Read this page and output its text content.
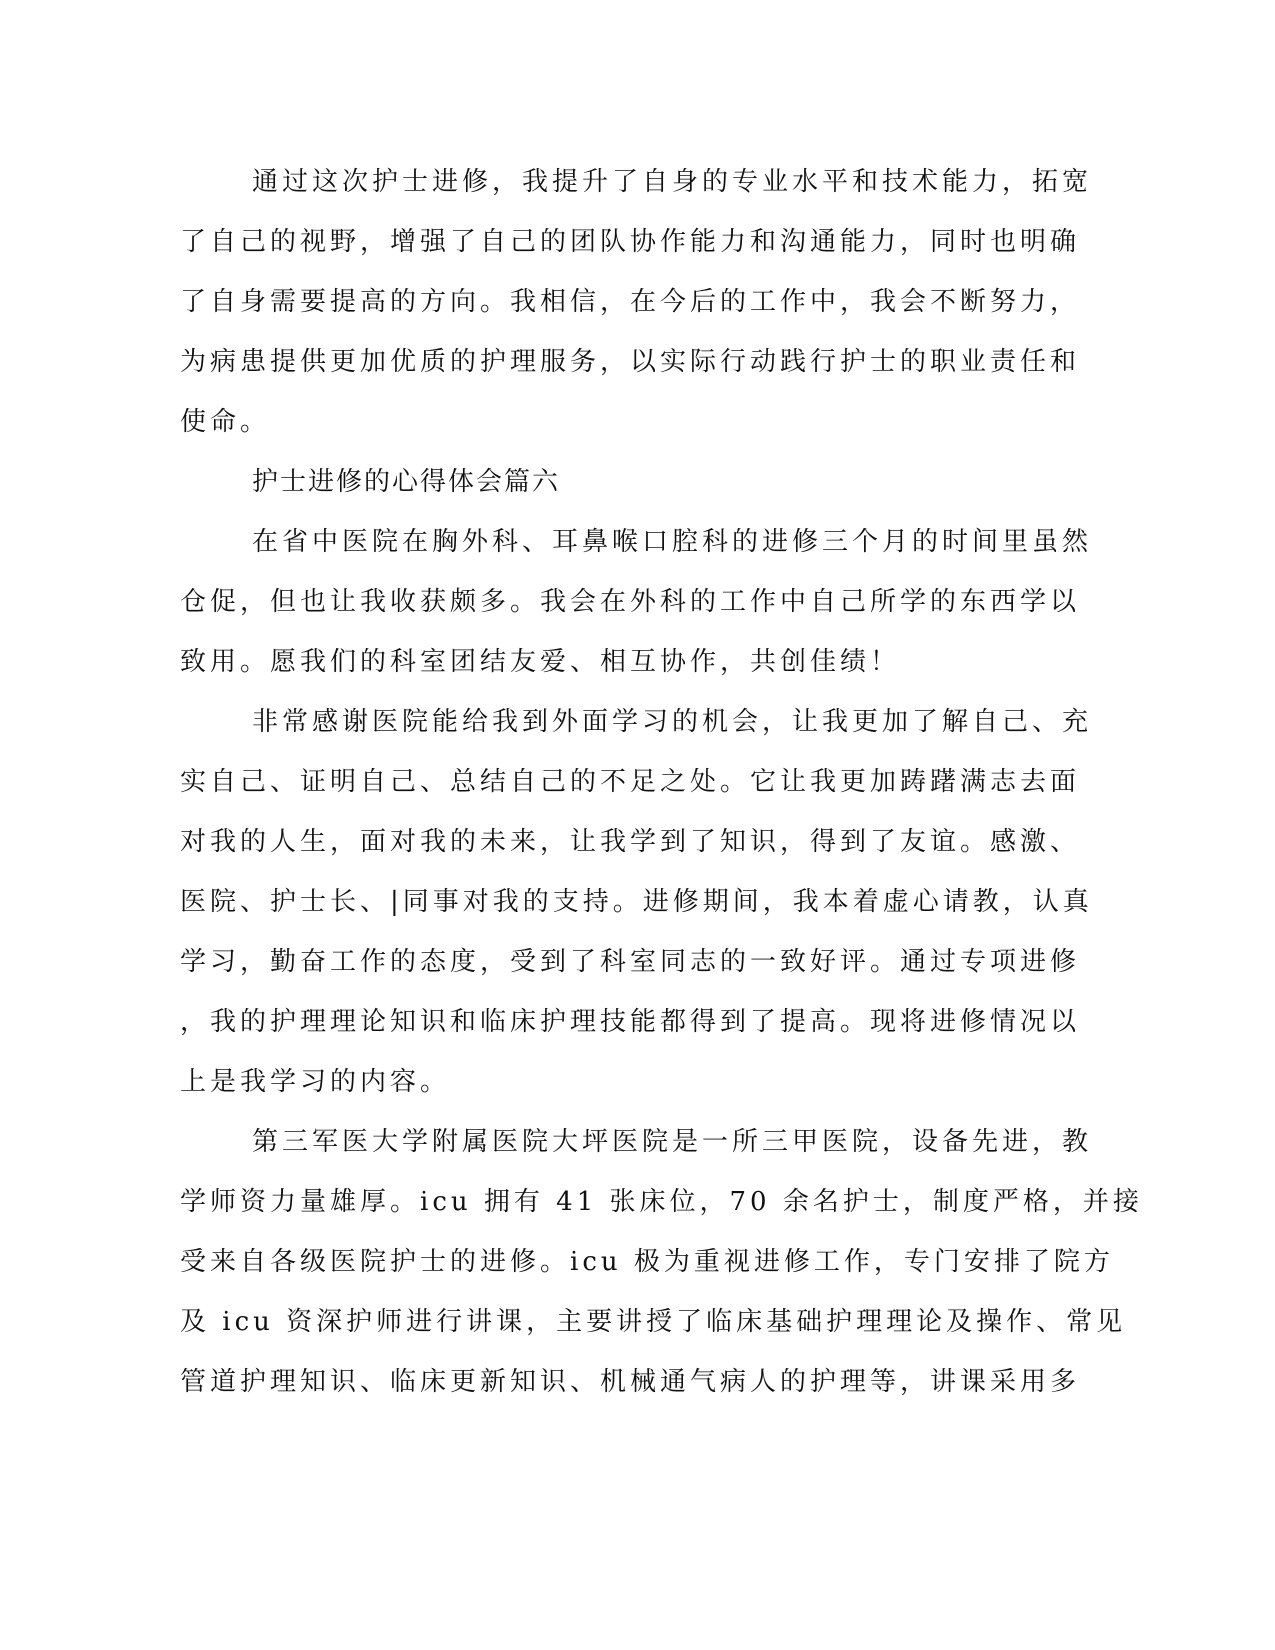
通过这次护士进修，我提升了自身的专业水平和技术能力，拓宽
了自己的视野，增强了自己的团队协作能力和沟通能力，同时也明确
了自身需要提高的方向。我相信，在今后的工作中，我会不断努力，
为病患提供更加优质的护理服务，以实际行动践行护士的职业责任和
使命。
护士进修的心得体会篇六
在省中医院在胸外科、耳鼻喉口腔科的进修三个月的时间里虽然
仓促，但也让我收获颇多。我会在外科的工作中自己所学的东西学以
致用。愿我们的科室团结友爱、相互协作，共创佳绩！
非常感谢医院能给我到外面学习的机会，让我更加了解自己、充
实自己、证明自己、总结自己的不足之处。它让我更加踌躇满志去面
对我的人生，面对我的未来，让我学到了知识，得到了友谊。感激、
医院、护士长、|同事对我的支持。进修期间，我本着虚心请教，认真
学习，勤奋工作的态度，受到了科室同志的一致好评。通过专项进修
，我的护理理论知识和临床护理技能都得到了提高。现将进修情况以
上是我学习的内容。
第三军医大学附属医院大坪医院是一所三甲医院，设备先进，教
学师资力量雄厚。icu 拥有 41 张床位，70 余名护士，制度严格，并接
受来自各级医院护士的进修。icu 极为重视进修工作，专门安排了院方
及 icu 资深护师进行讲课，主要讲授了临床基础护理理论及操作、常见
管道护理知识、临床更新知识、机械通气病人的护理等，讲课采用多
